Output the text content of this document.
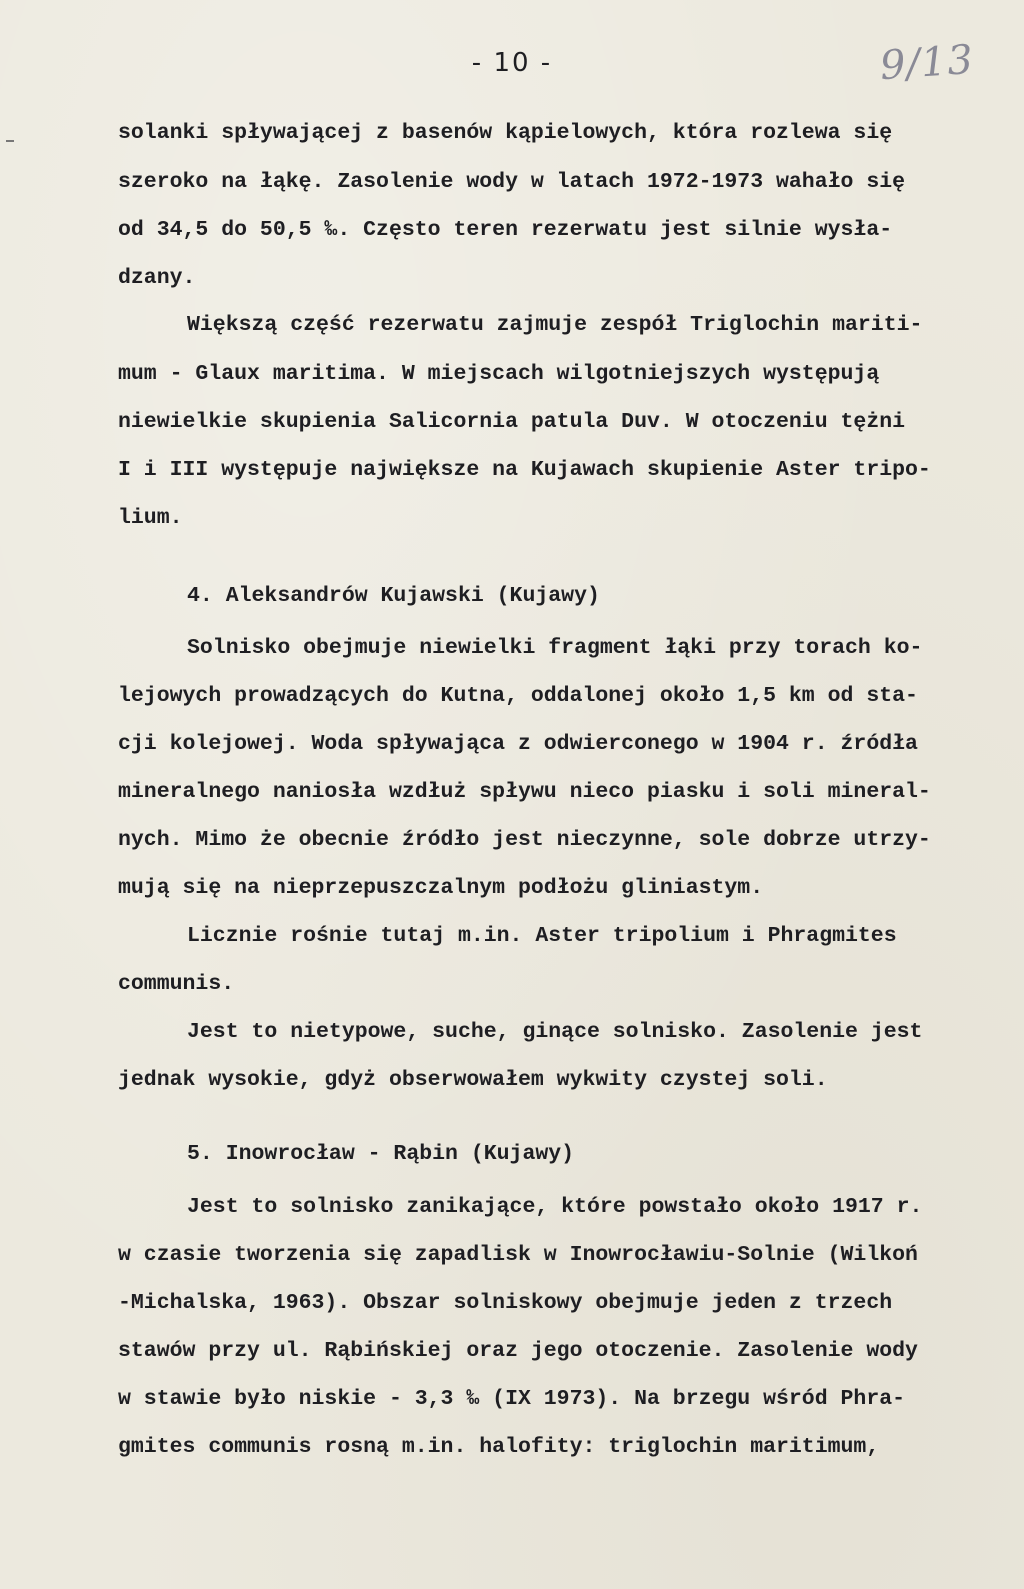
- 10 -	9/13
solanki spływającej z basenów kąpielowych, która rozlewa się
szeroko na łąkę. Zasolenie wody w latach 1972-1973 wahało się
od 34,5 do 50,5 ‰. Często teren rezerwatu jest silnie wysła-
dzany.
Większą część rezerwatu zajmuje zespół Triglochin mariti-
mum - Glaux maritima. W miejscach wilgotniejszych występują
niewielkie skupienia Salicornia patula Duv. W otoczeniu tężni
I i III występuje największe na Kujawach skupienie Aster tripo-
lium.
4. Aleksandrów Kujawski (Kujawy)
Solnisko obejmuje niewielki fragment łąki przy torach ko-
lejowych prowadzących do Kutna, oddalonej około 1,5 km od sta-
cji kolejowej. Woda spływająca z odwierconego w 1904 r. źródła
mineralnego naniosła wzdłuż spływu nieco piasku i soli mineral-
nych. Mimo że obecnie źródło jest nieczynne, sole dobrze utrzy-
mują się na nieprzepuszczalnym podłożu gliniastym.
Licznie rośnie tutaj m.in. Aster tripolium i Phragmites
communis.
Jest to nietypowe, suche, ginące solnisko. Zasolenie jest
jednak wysokie, gdyż obserwowałem wykwity czystej soli.
5. Inowrocław - Rąbin (Kujawy)
Jest to solnisko zanikające, które powstało około 1917 r.
w czasie tworzenia się zapadlisk w Inowrocławiu-Solnie (Wilkoń
-Michalska, 1963). Obszar solniskowy obejmuje jeden z trzech
stawów przy ul. Rąbińskiej oraz jego otoczenie. Zasolenie wody
w stawie było niskie - 3,3 ‰ (IX 1973). Na brzegu wśród Phra-
gmites communis rosną m.in. halofity: triglochin maritimum,
